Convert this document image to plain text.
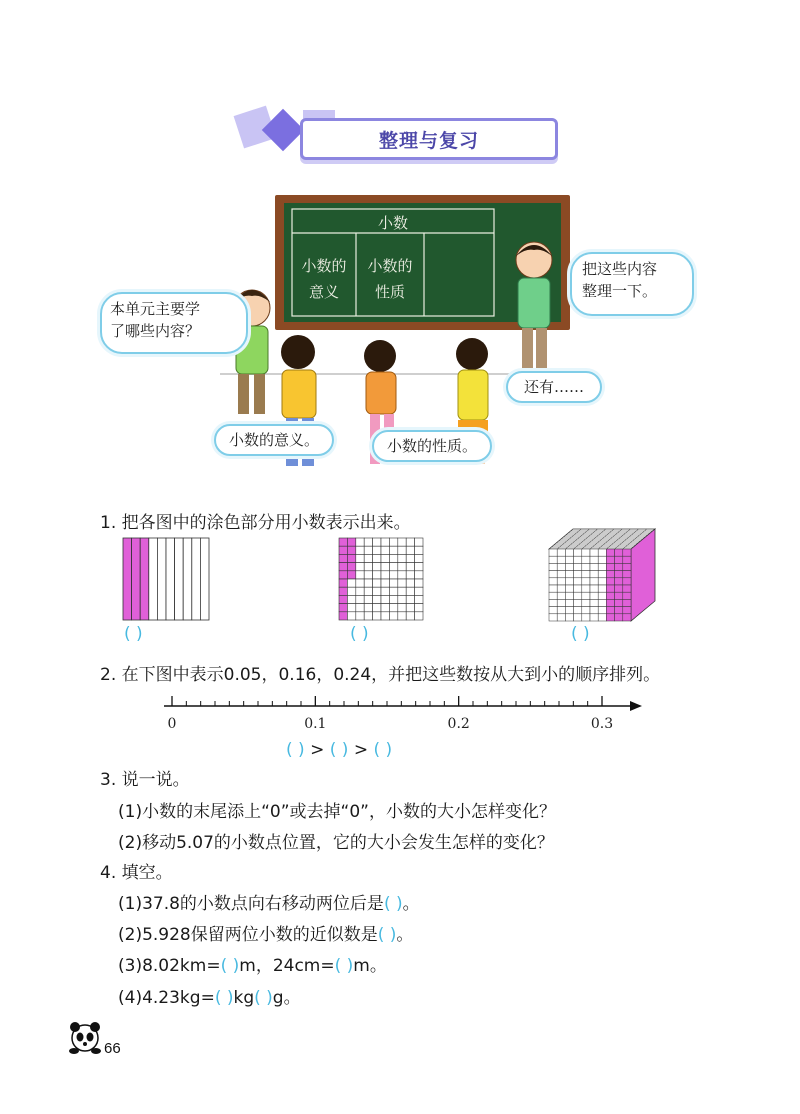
整理与复习
小数
小数的
意义
小数的
性质
本单元主要学
了哪些内容？
把这些内容
整理一下。
还有……
小数的意义。	小数的性质。
1. 把各图中的涂色部分用小数表示出来。
( )	( )	( )
2. 在下图中表示0.05，0.16，0.24，并把这些数按从大到小的顺序排列。
0	0.1	0.2	0.3
( ) > ( ) > ( )
3. 说一说。
(1)小数的末尾添上“0”或去掉“0”，小数的大小怎样变化？
(2)移动5.07的小数点位置，它的大小会发生怎样的变化？
4. 填空。
(1)37.8的小数点向右移动两位后是( )。
(2)5.928保留两位小数的近似数是( )。
(3)8.02km=( )m，24cm=( )m。
(4)4.23kg=( )kg( )g。
66
